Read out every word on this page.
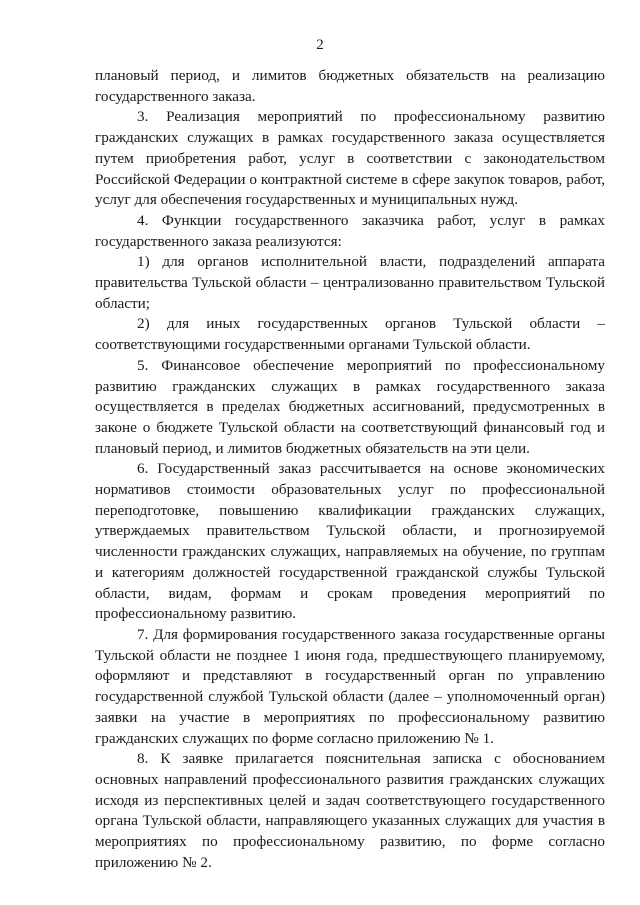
2

плановый период, и лимитов бюджетных обязательств на реализацию государственного заказа.

3. Реализация мероприятий по профессиональному развитию гражданских служащих в рамках государственного заказа осуществляется путем приобретения работ, услуг в соответствии с законодательством Российской Федерации о контрактной системе в сфере закупок товаров, работ, услуг для обеспечения государственных и муниципальных нужд.

4. Функции государственного заказчика работ, услуг в рамках государственного заказа реализуются:

1) для органов исполнительной власти, подразделений аппарата правительства Тульской области – централизованно правительством Тульской области;

2) для иных государственных органов Тульской области – соответствующими государственными органами Тульской области.

5. Финансовое обеспечение мероприятий по профессиональному развитию гражданских служащих в рамках государственного заказа осуществляется в пределах бюджетных ассигнований, предусмотренных в законе о бюджете Тульской области на соответствующий финансовый год и плановый период, и лимитов бюджетных обязательств на эти цели.

6. Государственный заказ рассчитывается на основе экономических нормативов стоимости образовательных услуг по профессиональной переподготовке, повышению квалификации гражданских служащих, утверждаемых правительством Тульской области, и прогнозируемой численности гражданских служащих, направляемых на обучение, по группам и категориям должностей государственной гражданской службы Тульской области, видам, формам и срокам проведения мероприятий по профессиональному развитию.

7. Для формирования государственного заказа государственные органы Тульской области не позднее 1 июня года, предшествующего планируемому, оформляют и представляют в государственный орган по управлению государственной службой Тульской области (далее – уполномоченный орган) заявки на участие в мероприятиях по профессиональному развитию гражданских служащих по форме согласно приложению № 1.

8. К заявке прилагается пояснительная записка с обоснованием основных направлений профессионального развития гражданских служащих исходя из перспективных целей и задач соответствующего государственного органа Тульской области, направляющего указанных служащих для участия в мероприятиях по профессиональному развитию, по форме согласно приложению № 2.
